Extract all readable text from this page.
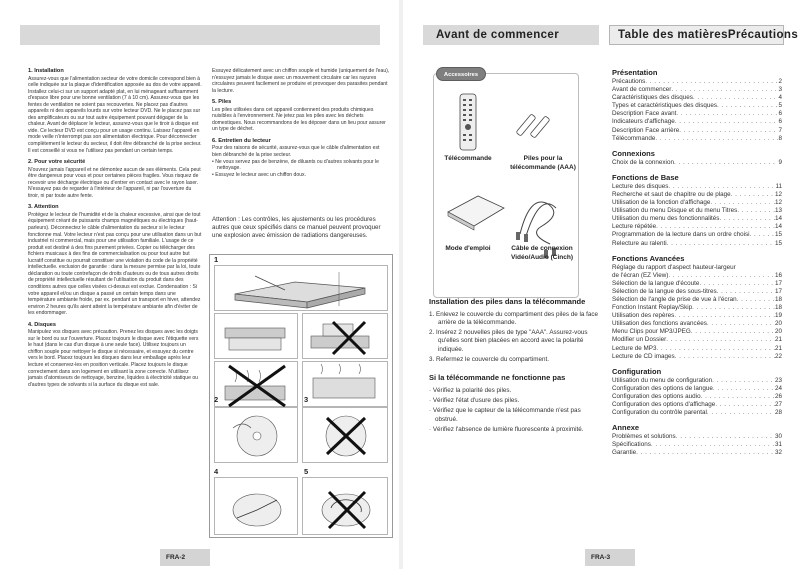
Avant de commencer	Table des matièresPrécautions
1. Installation

Assurez-vous que l'alimentation secteur de votre domicile correspond bien à celle indiquée sur la plaque d'identification apposée au dos de votre appareil. Installez celui-ci sur un support adapté plat, en lui ménageant suffisamment d'espace libre pour une bonne ventilation (7 à 10 cm). Assurez-vous que les fentes de ventilation ne soient pas recouvertes. Ne placez pas d'autres appareils ni des appareils lourds sur votre lecteur DVD. Ne le placez pas sur des amplificateurs ou sur tout autre équipement pouvant dégager de la chaleur. Avant de déplacer le lecteur, assurez-vous que le tiroir à disque est vide. Ce lecteur DVD est conçu pour un usage continu. Laissez l'appareil en mode veille n'interrompt pas son alimentation électrique. Pour déconnecter complètement le lecteur du secteur, il doit être débranché de la prise secteur. Il est conseillé si vous ne l'utilisez pas pendant un certain temps.

2. Pour votre sécurité

N'ouvrez jamais l'appareil et ne démontez aucun de ses éléments. Cela peut être dangereux pour vous et pour certaines pièces fragiles. Vous risquez de recevoir une décharge électrique ou d'entrer en contact avec le rayon laser. N'essayez pas de regarder à l'intérieur de l'appareil, ni par l'ouverture du tiroir, ni par toute autre fente.

3. Attention

Protégez le lecteur de l'humidité et de la chaleur excessive, ainsi que de tout équipement créant de puissants champs magnétiques ou électriques (haut-parleurs). Déconnectez le câble d'alimentation du secteur si le lecteur fonctionne mal. Votre lecteur n'est pas conçu pour une utilisation dans un but industriel ni commercial, mais pour une utilisation familiale. L'usage de ce produit est destiné à des fins purement privées. Copier ou télécharger des fichiers musicaux à des fins de commercialisation ou pour tout autre but lucratif constitue ou pourrait constituer une violation du code de la propriété intellectuelle. exclusion de garantie : dans la mesure permise par la loi, toute déclaration ou toute contrefaçon de droits d'auteurs ou de tous autres droits de propriété intellectuelle résultant de l'utilisation du produit dans des conditions autres que celles visées ci-dessus est exclue. Condensation : Si votre appareil et/ou un disque a passé un certain temps dans une température ambiante froide, par ex. pendant un transport en hiver, attendez environ 2 heures qu'ils aient atteint la température ambiante afin d'éviter de les endommager.

4. Disques

Manipulez vos disques avec précaution. Prenez les disques avec les doigts sur le bord ou sur l'ouverture. Placez toujours le disque avec l'étiquette vers le haut (dans le cas d'un disque à une seule face). Utilisez toujours un chiffon souple pour nettoyer le disque si nécessaire, et essuyez du centre vers le bord. Placez toujours les disques dans leur emballage après leur lecture et conservez-les en position verticale. Placez toujours le disque correctement dans son logement en utilisant la zone correcte. N'utilisez jamais d'atomiseurs de nettoyage, benzine, liquides à électricité statique ou d'autres types de solvants si la surface du disque est sale.

Essuyez délicatement avec un chiffon souple et humide (uniquement de l'eau), n'essuyez jamais le disque avec un mouvement circulaire car les rayures circulaires peuvent facilement se produire et provoquer des parasites pendant la lecture.

5. Piles

Les piles utilisées dans cet appareil contiennent des produits chimiques nuisibles à l'environnement. Ne jetez pas les piles avec les déchets domestiques. Nous recommandons de les déposer dans un lieu pour assurer un type de déchet.

6. Entretien du lecteur

Pour des raisons de sécurité, assurez-vous que le câble d'alimentation est bien débranché de la prise secteur.

• Ne vous servez pas de benzène, de diluants ou d'autres solvants pour le nettoyage.

• Essuyez le lecteur avec un chiffon doux.

Attention : Les contrôles, les ajustements ou les procédures autres que ceux spécifiés dans ce manuel peuvent provoquer une explosion avec émission de radiations dangereuses.
1
2	3
4	5
Accessoires
Télécommande	Piles pour la télécommande (AAA)
Mode d'emploi	Câble de connexion Vidéo/Audio (Cinch)
Installation des piles dans la télécommande

1. Enlevez le couvercle du compartiment des piles de la face arrière de la télécommande.

2. Insérez 2 nouvelles piles de type "AAA". Assurez-vous qu'elles sont bien placées en accord avec la polarité indiquée.

3. Refermez le couvercle du compartiment.

Si la télécommande ne fonctionne pas

· Vérifiez la polarité des piles.

· Vérifiez l'état d'usure des piles.

· Vérifiez que le capteur de la télécommande n'est pas obstrué.

· Vérifiez l'absence de lumière fluorescente à proximité.

Présentation
Précautions . . .	2
Avant de commencer . . .	3
Caractéristiques des disques . . .	4
Types et caractéristiques des disques . . .	5
Description Face avant . . .	6
Indicateurs d'affichage . . .	6
Description Face arrière . . .	7
Télécommande . . .	8
Connexions
Choix de la connexion . . .	9
Fonctions de Base
Lecture des disques . . .	11
Recherche et saut de chapitre ou de plage . . .	12
Utilisation de la fonction d'affichage . . .	12
Utilisation du menu Disque et du menu Titres . . .	13
Utilisation du menu des fonctionnalités . . .	14
Lecture répétée . . .	14
Programmation de la lecture dans un ordre choisi . . .	15
Relecture au ralenti . . .	15
Fonctions Avancées
Réglage du rapport d'aspect hauteur-largeur
de l'écran (EZ View) . . .	16
Sélection de la langue d'écoute . . .	17
Sélection de la langue des sous-titres . . .	17
Sélection de l'angle de prise de vue à l'écran . . .	18
Fonction Instant Replay/Skip . . .	18
Utilisation des repères . . .	19
Utilisation des fonctions avancées . . .	20
Menu Clips pour MP3/JPEG . . .	20
Modifier un Dossier . . .	21
Lecture de MP3 . . .	21
Lecture de CD images . . .	22
Configuration
Utilisation du menu de configuration . . .	23
Configuration des options de langue . . .	24
Configuration des options audio . . .	26
Configuration des options d'affichage . . .	27
Configuration du contrôle parental . . .	28
Annexe
Problèmes et solutions . . .	30
Spécifications . . .	31
Garantie . . .	32
FRA-2	FRA-3
